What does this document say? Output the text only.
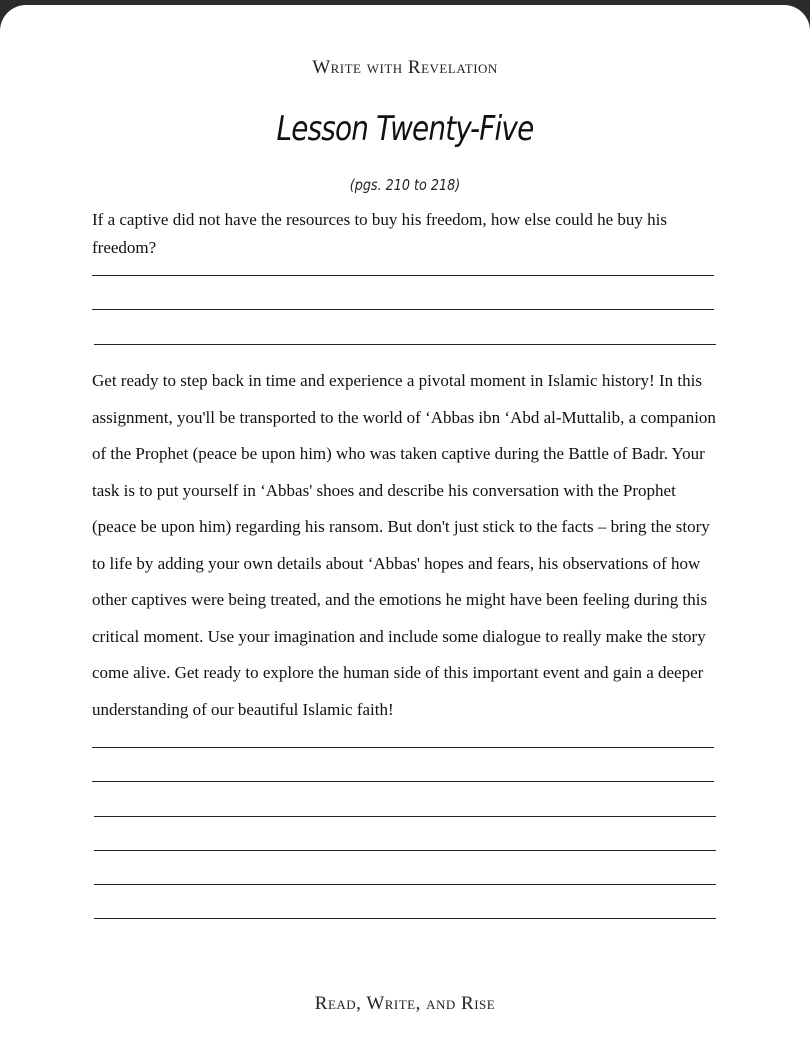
Write with Revelation
Lesson Twenty-Five
(pgs. 210 to 218)

If a captive did not have the resources to buy his freedom, how else could he buy his freedom?

Get ready to step back in time and experience a pivotal moment in Islamic history! In this assignment, you'll be transported to the world of ‘Abbas ibn ‘Abd al-Muttalib, a companion of the Prophet (peace be upon him) who was taken captive during the Battle of Badr. Your task is to put yourself in ‘Abbas' shoes and describe his conversation with the Prophet (peace be upon him) regarding his ransom. But don't just stick to the facts – bring the story to life by adding your own details about ‘Abbas' hopes and fears, his observations of how other captives were being treated, and the emotions he might have been feeling during this critical moment. Use your imagination and include some dialogue to really make the story come alive. Get ready to explore the human side of this important event and gain a deeper understanding of our beautiful Islamic faith!

Read, Write, and Rise
